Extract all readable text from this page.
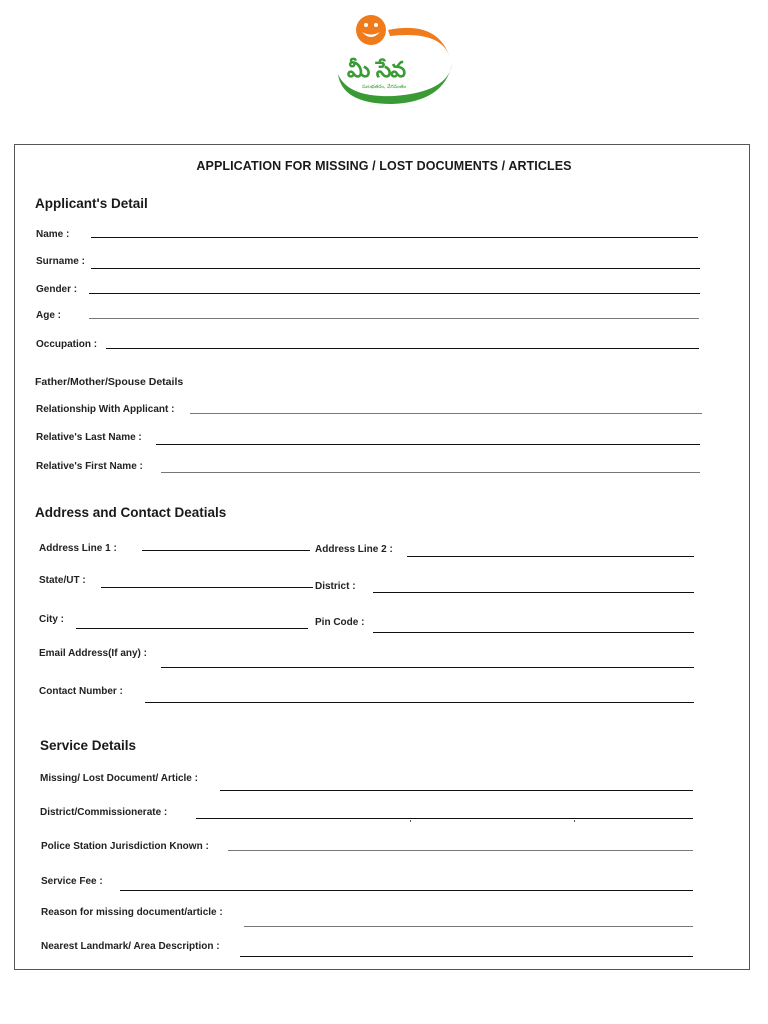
మీ సేవ
సులభతరం, వేగవంతం
APPLICATION FOR MISSING / LOST DOCUMENTS / ARTICLES
Applicant's Detail
Name :
Surname :
Gender :
Age :
Occupation :
Father/Mother/Spouse Details
Relationship With Applicant :
Relative's Last Name :
Relative's First Name :
Address and Contact Deatials
Address Line 1 :	Address Line 2 :
State/UT :
District :
City :	Pin Code :
Email Address(If any) :
Contact Number :
Service Details
Missing/ Lost Document/ Article :
District/Commissionerate :
Police Station Jurisdiction Known :
Service Fee :
Reason for missing document/article :
Nearest Landmark/ Area Description :
